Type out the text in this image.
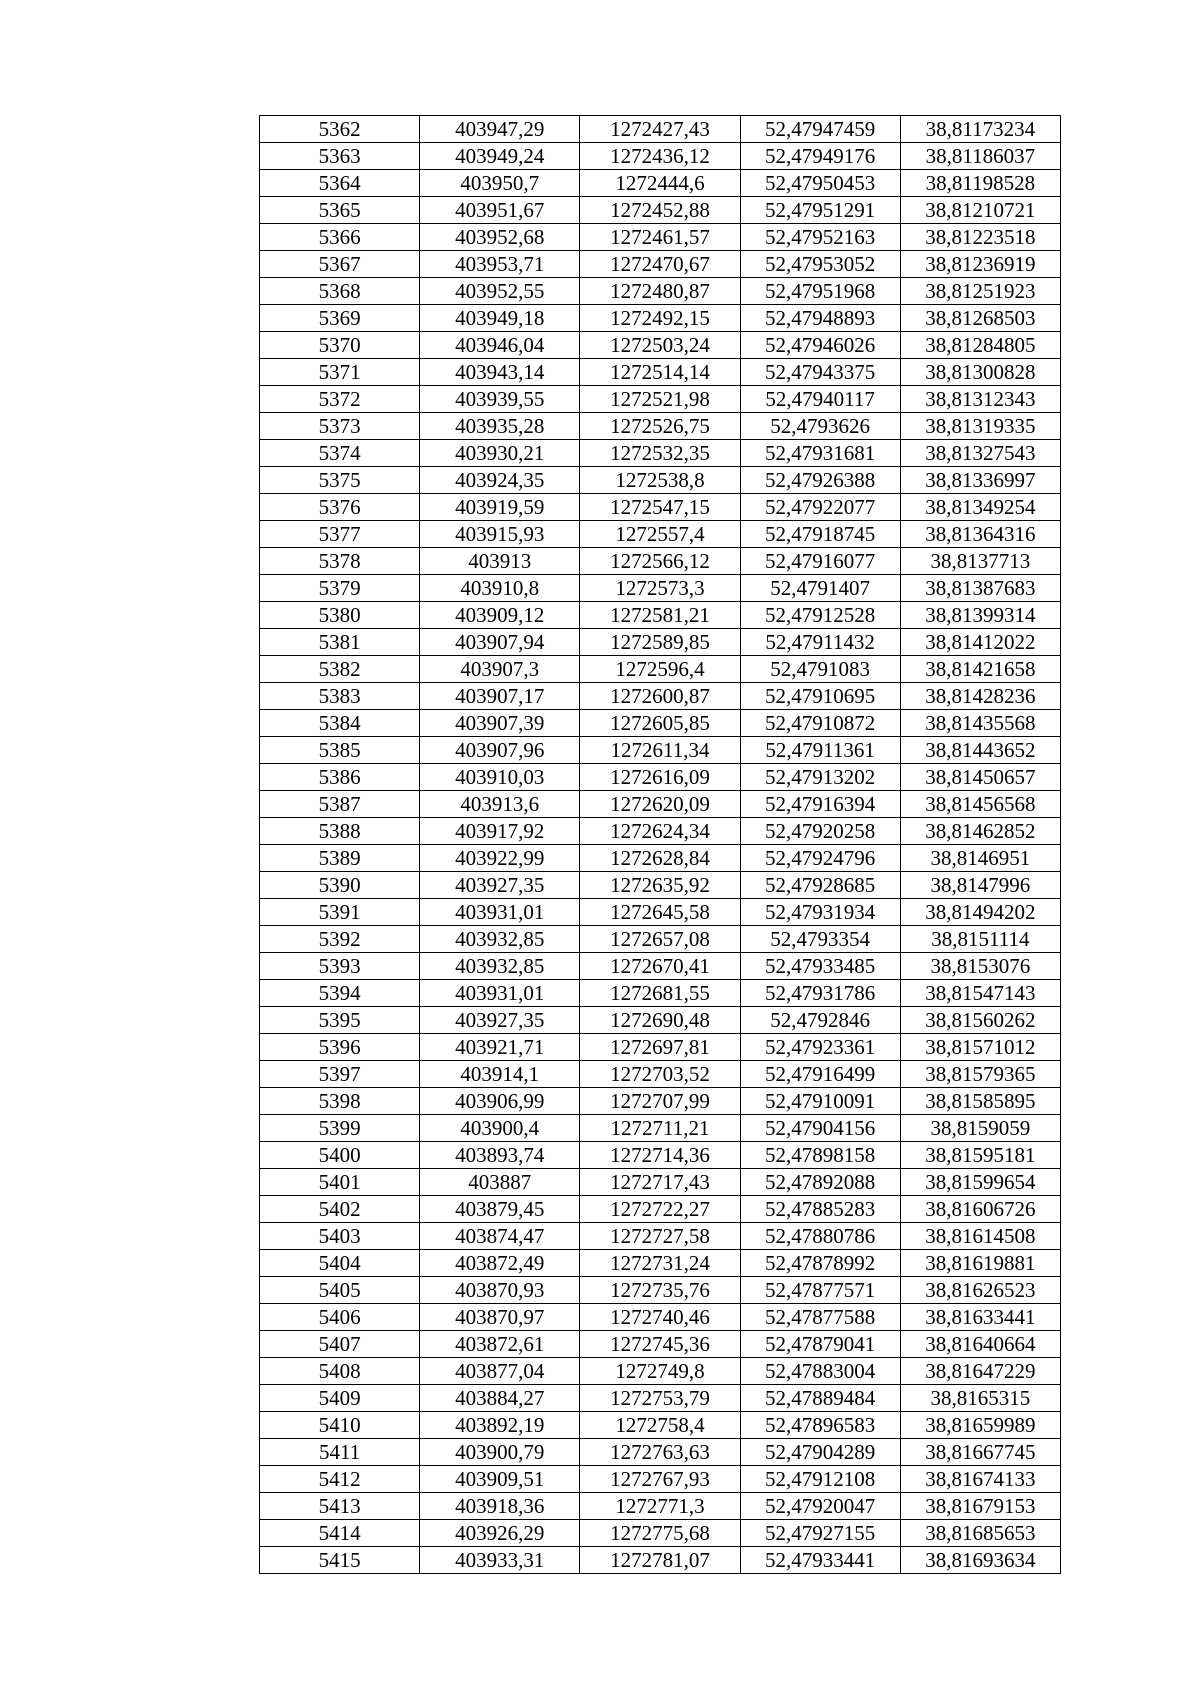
5362	403947,29	1272427,43	52,47947459	38,81173234
5363	403949,24	1272436,12	52,47949176	38,81186037
5364	403950,7	1272444,6	52,47950453	38,81198528
5365	403951,67	1272452,88	52,47951291	38,81210721
5366	403952,68	1272461,57	52,47952163	38,81223518
5367	403953,71	1272470,67	52,47953052	38,81236919
5368	403952,55	1272480,87	52,47951968	38,81251923
5369	403949,18	1272492,15	52,47948893	38,81268503
5370	403946,04	1272503,24	52,47946026	38,81284805
5371	403943,14	1272514,14	52,47943375	38,81300828
5372	403939,55	1272521,98	52,47940117	38,81312343
5373	403935,28	1272526,75	52,4793626	38,81319335
5374	403930,21	1272532,35	52,47931681	38,81327543
5375	403924,35	1272538,8	52,47926388	38,81336997
5376	403919,59	1272547,15	52,47922077	38,81349254
5377	403915,93	1272557,4	52,47918745	38,81364316
5378	403913	1272566,12	52,47916077	38,8137713
5379	403910,8	1272573,3	52,4791407	38,81387683
5380	403909,12	1272581,21	52,47912528	38,81399314
5381	403907,94	1272589,85	52,47911432	38,81412022
5382	403907,3	1272596,4	52,4791083	38,81421658
5383	403907,17	1272600,87	52,47910695	38,81428236
5384	403907,39	1272605,85	52,47910872	38,81435568
5385	403907,96	1272611,34	52,47911361	38,81443652
5386	403910,03	1272616,09	52,47913202	38,81450657
5387	403913,6	1272620,09	52,47916394	38,81456568
5388	403917,92	1272624,34	52,47920258	38,81462852
5389	403922,99	1272628,84	52,47924796	38,8146951
5390	403927,35	1272635,92	52,47928685	38,8147996
5391	403931,01	1272645,58	52,47931934	38,81494202
5392	403932,85	1272657,08	52,4793354	38,8151114
5393	403932,85	1272670,41	52,47933485	38,8153076
5394	403931,01	1272681,55	52,47931786	38,81547143
5395	403927,35	1272690,48	52,4792846	38,81560262
5396	403921,71	1272697,81	52,47923361	38,81571012
5397	403914,1	1272703,52	52,47916499	38,81579365
5398	403906,99	1272707,99	52,47910091	38,81585895
5399	403900,4	1272711,21	52,47904156	38,8159059
5400	403893,74	1272714,36	52,47898158	38,81595181
5401	403887	1272717,43	52,47892088	38,81599654
5402	403879,45	1272722,27	52,47885283	38,81606726
5403	403874,47	1272727,58	52,47880786	38,81614508
5404	403872,49	1272731,24	52,47878992	38,81619881
5405	403870,93	1272735,76	52,47877571	38,81626523
5406	403870,97	1272740,46	52,47877588	38,81633441
5407	403872,61	1272745,36	52,47879041	38,81640664
5408	403877,04	1272749,8	52,47883004	38,81647229
5409	403884,27	1272753,79	52,47889484	38,8165315
5410	403892,19	1272758,4	52,47896583	38,81659989
5411	403900,79	1272763,63	52,47904289	38,81667745
5412	403909,51	1272767,93	52,47912108	38,81674133
5413	403918,36	1272771,3	52,47920047	38,81679153
5414	403926,29	1272775,68	52,47927155	38,81685653
5415	403933,31	1272781,07	52,47933441	38,81693634
